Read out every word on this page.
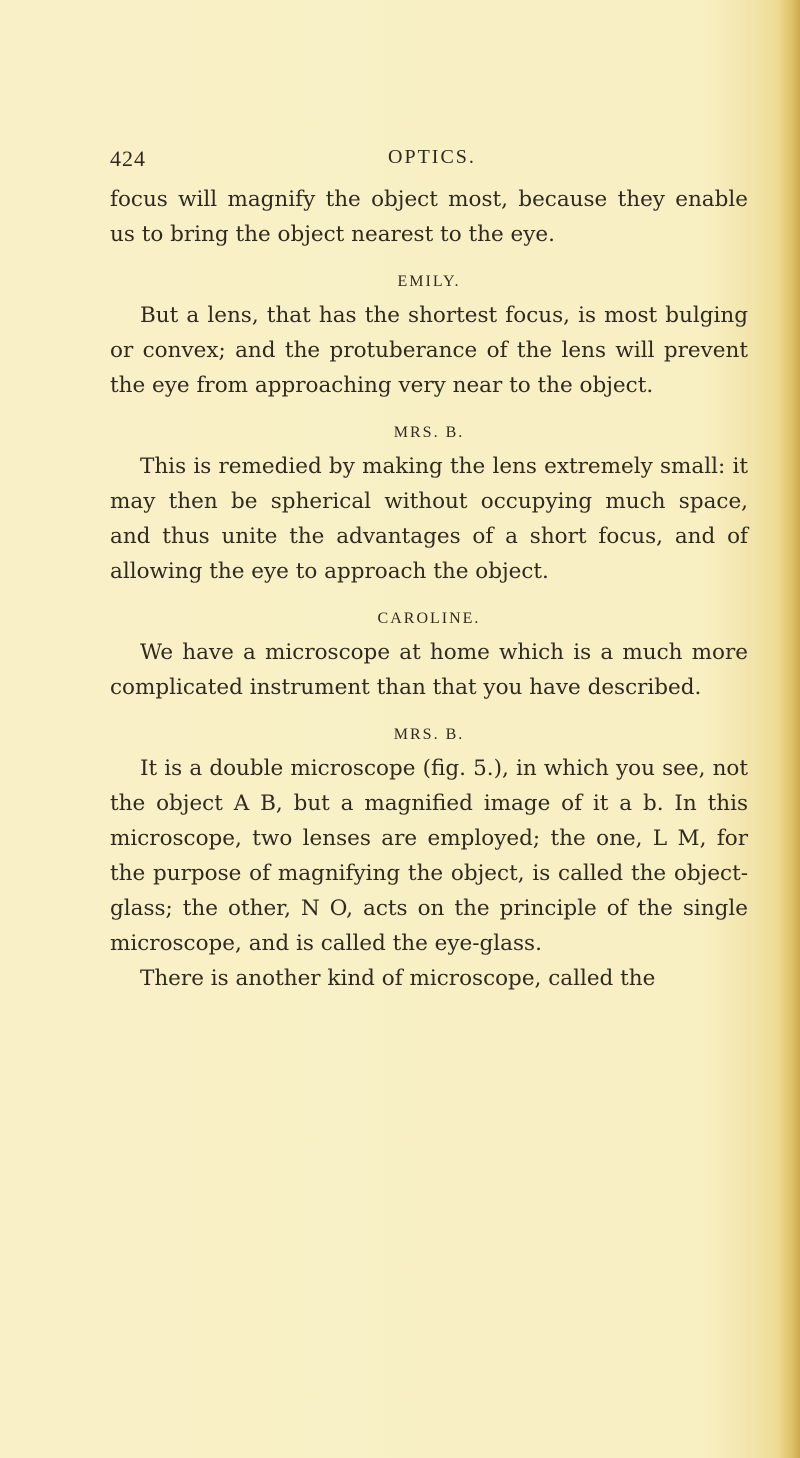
424	OPTICS.

focus will magnify the object most, because they enable us to bring the object nearest to the eye.

EMILY.

But a lens, that has the shortest focus, is most bulging or convex; and the protuberance of the lens will prevent the eye from approaching very near to the object.

MRS. B.

This is remedied by making the lens extremely small: it may then be spherical without occupying much space, and thus unite the advantages of a short focus, and of allowing the eye to approach the object.

CAROLINE.

We have a microscope at home which is a much more complicated instrument than that you have described.

MRS. B.

It is a double microscope (fig. 5.), in which you see, not the object A B, but a magnified image of it a b. In this microscope, two lenses are employed; the one, L M, for the purpose of magnifying the object, is called the object-glass; the other, N O, acts on the principle of the single microscope, and is called the eye-glass.

There is another kind of microscope, called the
